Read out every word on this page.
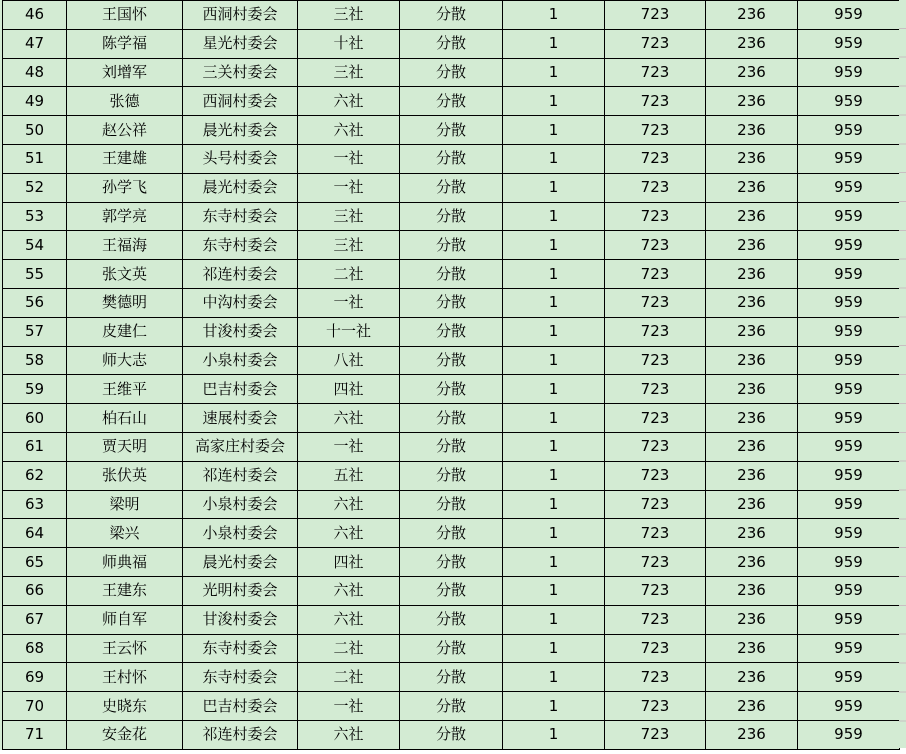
46	王国怀	西洞村委会	三社	分散	1	723	236	959
47	陈学福	星光村委会	十社	分散	1	723	236	959
48	刘增军	三关村委会	三社	分散	1	723	236	959
49	张德	西洞村委会	六社	分散	1	723	236	959
50	赵公祥	晨光村委会	六社	分散	1	723	236	959
51	王建雄	头号村委会	一社	分散	1	723	236	959
52	孙学飞	晨光村委会	一社	分散	1	723	236	959
53	郭学亮	东寺村委会	三社	分散	1	723	236	959
54	王福海	东寺村委会	三社	分散	1	723	236	959
55	张文英	祁连村委会	二社	分散	1	723	236	959
56	樊德明	中沟村委会	一社	分散	1	723	236	959
57	皮建仁	甘浚村委会	十一社	分散	1	723	236	959
58	师大志	小泉村委会	八社	分散	1	723	236	959
59	王维平	巴吉村委会	四社	分散	1	723	236	959
60	柏石山	速展村委会	六社	分散	1	723	236	959
61	贾天明	高家庄村委会	一社	分散	1	723	236	959
62	张伏英	祁连村委会	五社	分散	1	723	236	959
63	梁明	小泉村委会	六社	分散	1	723	236	959
64	梁兴	小泉村委会	六社	分散	1	723	236	959
65	师典福	晨光村委会	四社	分散	1	723	236	959
66	王建东	光明村委会	六社	分散	1	723	236	959
67	师自军	甘浚村委会	六社	分散	1	723	236	959
68	王云怀	东寺村委会	二社	分散	1	723	236	959
69	王村怀	东寺村委会	二社	分散	1	723	236	959
70	史晓东	巴吉村委会	一社	分散	1	723	236	959
71	安金花	祁连村委会	六社	分散	1	723	236	959
